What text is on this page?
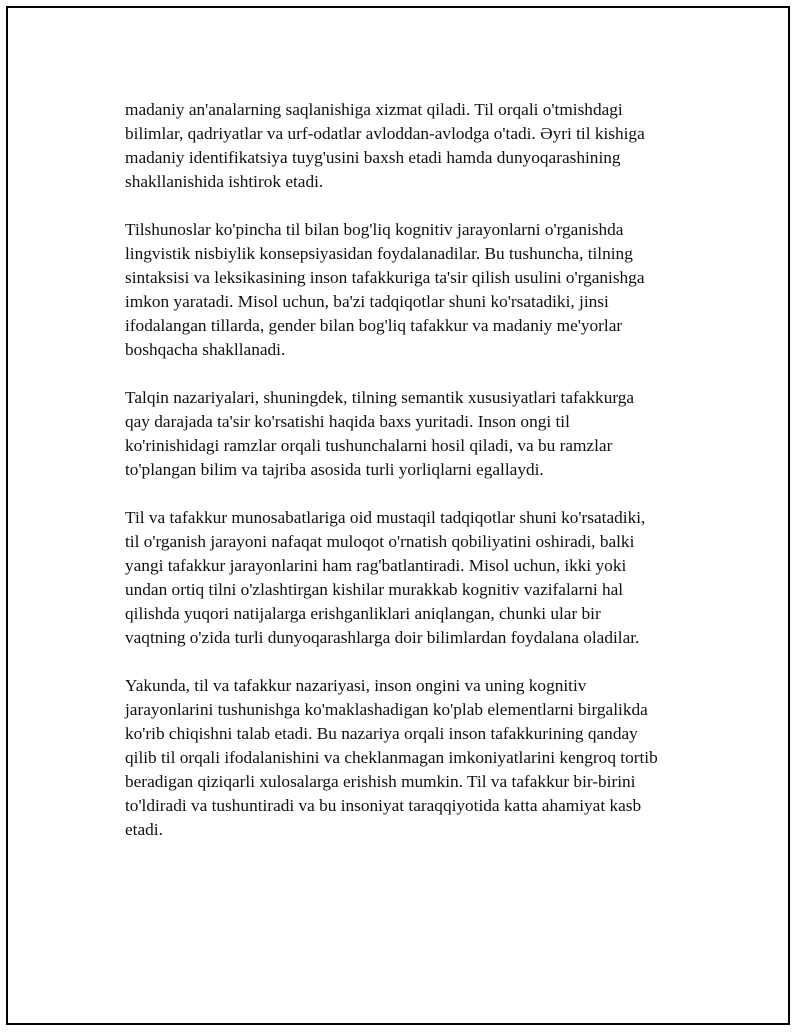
madaniy an'analarning saqlanishiga xizmat qiladi. Til orqali o'tmishdagi
bilimlar, qadriyatlar va urf-odatlar avloddan-avlodga o'tadi. Əyri til kishiga
madaniy identifikatsiya tuyg'usini baxsh etadi hamda dunyoqarashining
shakllanishida ishtirok etadi.

Tilshunoslar ko'pincha til bilan bog'liq kognitiv jarayonlarni o'rganishda
lingvistik nisbiylik konsepsiyasidan foydalanadilar. Bu tushuncha, tilning
sintaksisi va leksikasining inson tafakkuriga ta'sir qilish usulini o'rganishga
imkon yaratadi. Misol uchun, ba'zi tadqiqotlar shuni ko'rsatadiki, jinsi
ifodalangan tillarda, gender bilan bog'liq tafakkur va madaniy me'yorlar
boshqacha shakllanadi.

Talqin nazariyalari, shuningdek, tilning semantik xususiyatlari tafakkurga
qay darajada ta'sir ko'rsatishi haqida baxs yuritadi. Inson ongi til
ko'rinishidagi ramzlar orqali tushunchalarni hosil qiladi, va bu ramzlar
to'plangan bilim va tajriba asosida turli yorliqlarni egallaydi.

Til va tafakkur munosabatlariga oid mustaqil tadqiqotlar shuni ko'rsatadiki,
til o'rganish jarayoni nafaqat muloqot o'rnatish qobiliyatini oshiradi, balki
yangi tafakkur jarayonlarini ham rag'batlantiradi. Misol uchun, ikki yoki
undan ortiq tilni o'zlashtirgan kishilar murakkab kognitiv vazifalarni hal
qilishda yuqori natijalarga erishganliklari aniqlangan, chunki ular bir
vaqtning o'zida turli dunyoqarashlarga doir bilimlardan foydalana oladilar.

Yakunda, til va tafakkur nazariyasi, inson ongini va uning kognitiv
jarayonlarini tushunishga ko'maklashadigan ko'plab elementlarni birgalikda
ko'rib chiqishni talab etadi. Bu nazariya orqali inson tafakkurining qanday
qilib til orqali ifodalanishini va cheklanmagan imkoniyatlarini kengroq tortib
beradigan qiziqarli xulosalarga erishish mumkin. Til va tafakkur bir-birini
to'ldiradi va tushuntiradi va bu insoniyat taraqqiyotida katta ahamiyat kasb
etadi.
